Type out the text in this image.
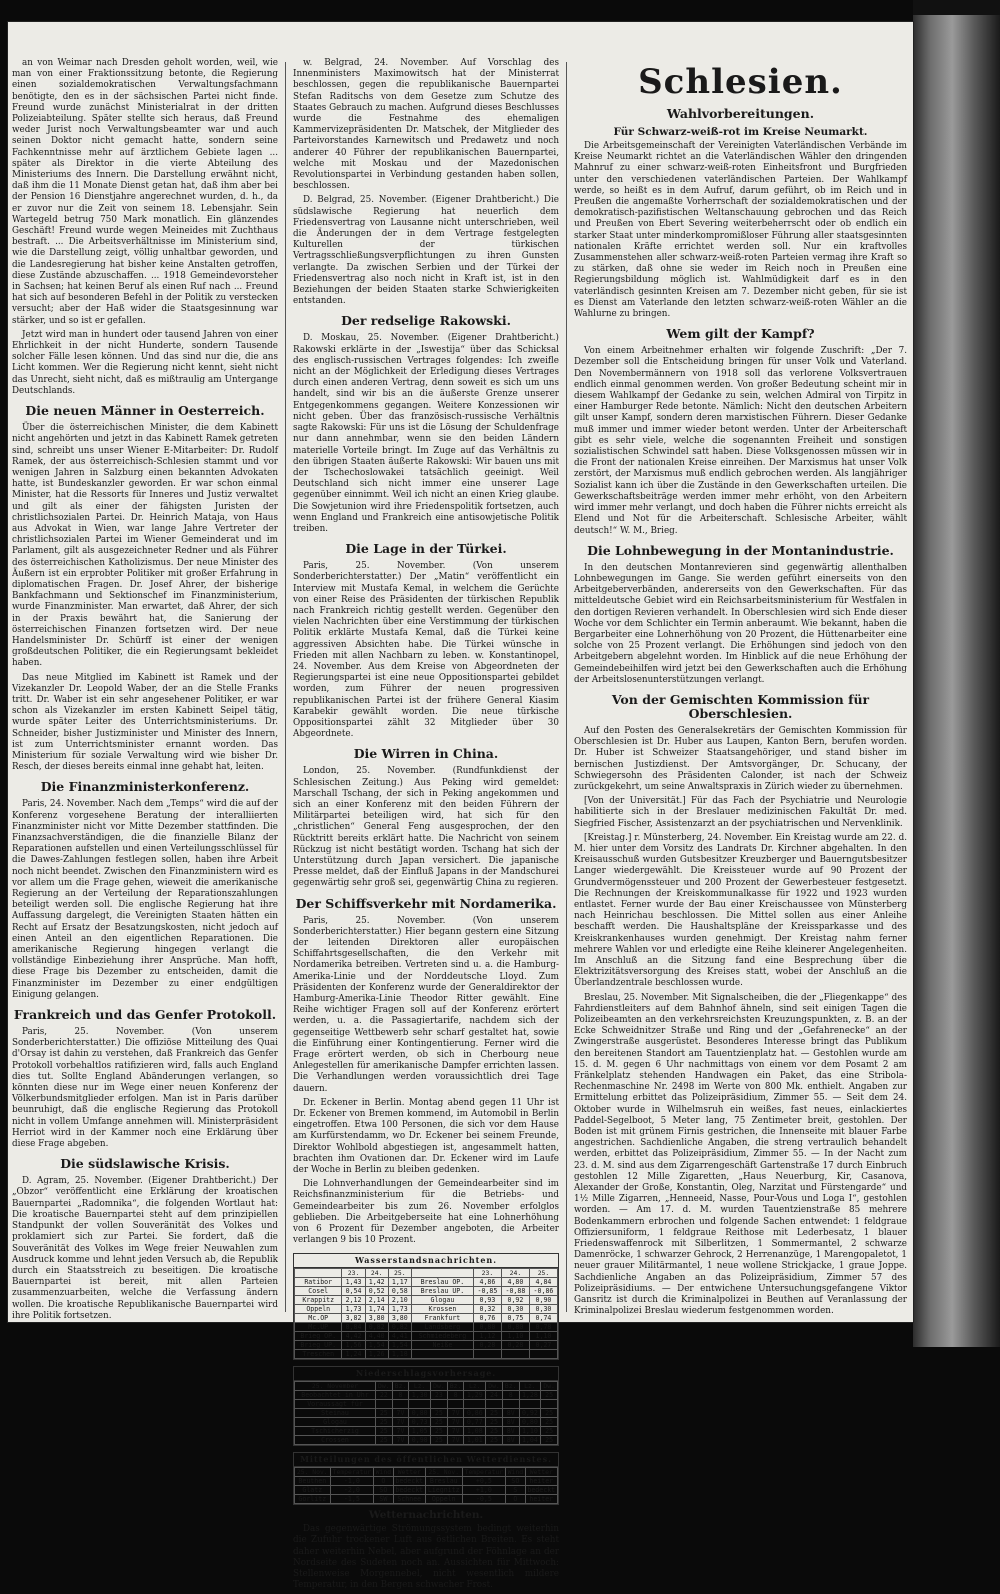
an von Weimar nach Dresden geholt worden, weil, wie man von einer Fraktionssitzung betonte, die Regierung einen sozialdemokratischen Verwaltungsfachmann benötigte, den es in der sächsischen Partei nicht finde. Freund wurde zunächst Ministerialrat in der dritten Polizeiabteilung. Später stellte sich heraus, daß Freund weder Jurist noch Verwaltungsbeamter war und auch seinen Doktor nicht gemacht hatte, sondern seine Fachkenntnisse mehr auf ärztlichem Gebiete lagen ... später als Direktor in die vierte Abteilung des Ministeriums des Innern. Die Darstellung erwähnt nicht, daß ihm die 11 Monate Dienst getan hat, daß ihm aber bei der Pension 16 Dienstjahre angerechnet wurden, d. h., da er zuvor nur die Zeit von seinem 18. Lebensjahr. Sein Wartegeld betrug 750 Mark monatlich. Ein glänzendes Geschäft! Freund wurde wegen Meineides mit Zuchthaus bestraft. ... Die Arbeitsverhältnisse im Ministerium sind, wie die Darstellung zeigt, völlig unhaltbar geworden, und die Landesregierung hat bisher keine Anstalten getroffen, diese Zustände abzuschaffen. ... 1918 Gemeindevorsteher in Sachsen; hat keinen Beruf als einen Ruf nach ... Freund hat sich auf besonderen Befehl in der Politik zu verstecken versucht; aber der Haß wider die Staatsgesinnung war stärker, und so ist er gefallen.

Jetzt wird man in hundert oder tausend Jahren von einer Ehrlichkeit in der nicht Hunderte, sondern Tausende solcher Fälle lesen können. Und das sind nur die, die ans Licht kommen. Wer die Regierung nicht kennt, sieht nicht das Unrecht, sieht nicht, daß es mißtraulig am Untergange Deutschlands.

Die neuen Männer in Oesterreich.

Über die österreichischen Minister, die dem Kabinett nicht angehörten und jetzt in das Kabinett Ramek getreten sind, schreibt uns unser Wiener E-Mitarbeiter: Dr. Rudolf Ramek, der aus österreichisch-Schlesien stammt und vor wenigen Jahren in Salzburg einen bekannten Advokaten hatte, ist Bundeskanzler geworden. Er war schon einmal Minister, hat die Ressorts für Inneres und Justiz verwaltet und gilt als einer der fähigsten Juristen der christlichsozialen Partei. Dr. Heinrich Mataja, von Haus aus Advokat in Wien, war lange Jahre Vertreter der christlichsozialen Partei im Wiener Gemeinderat und im Parlament, gilt als ausgezeichneter Redner und als Führer des österreichischen Katholizismus. Der neue Minister des Äußern ist ein erprobter Politiker mit großer Erfahrung in diplomatischen Fragen. Dr. Josef Ahrer, der bisherige Bankfachmann und Sektionschef im Finanzministerium, wurde Finanzminister. Man erwartet, daß Ahrer, der sich in der Praxis bewährt hat, die Sanierung der österreichischen Finanzen fortsetzen wird. Der neue Handelsminister Dr. Schürff ist einer der wenigen großdeutschen Politiker, die ein Regierungsamt bekleidet haben.

Das neue Mitglied im Kabinett ist Ramek und der Vizekanzler Dr. Leopold Waber, der an die Stelle Franks tritt. Dr. Waber ist ein sehr angesehener Politiker, er war schon als Vizekanzler im ersten Kabinett Seipel tätig, wurde später Leiter des Unterrichtsministeriums. Dr. Schneider, bisher Justizminister und Minister des Innern, ist zum Unterrichtsminister ernannt worden. Das Ministerium für soziale Verwaltung wird wie bisher Dr. Resch, der dieses bereits einmal inne gehabt hat, leiten.

Die Finanzministerkonferenz.

Paris, 24. November. Nach dem „Temps“ wird die auf der Konferenz vorgesehene Beratung der interalliierten Finanzminister nicht vor Mitte Dezember stattfinden. Die Finanzsachverständigen, die die finanzielle Bilanz der Reparationen aufstellen und einen Verteilungsschlüssel für die Dawes-Zahlungen festlegen sollen, haben ihre Arbeit noch nicht beendet. Zwischen den Finanzministern wird es vor allem um die Frage gehen, wieweit die amerikanische Regierung an der Verteilung der Reparationszahlungen beteiligt werden soll. Die englische Regierung hat ihre Auffassung dargelegt, die Vereinigten Staaten hätten ein Recht auf Ersatz der Besatzungskosten, nicht jedoch auf einen Anteil an den eigentlichen Reparationen. Die amerikanische Regierung hingegen verlangt die vollständige Einbeziehung ihrer Ansprüche. Man hofft, diese Frage bis Dezember zu entscheiden, damit die Finanzminister im Dezember zu einer endgültigen Einigung gelangen.

Frankreich und das Genfer Protokoll.

Paris, 25. November. (Von unserem Sonderberichterstatter.) Die offiziöse Mitteilung des Quai d'Orsay ist dahin zu verstehen, daß Frankreich das Genfer Protokoll vorbehaltlos ratifizieren wird, falls auch England dies tut. Sollte England Abänderungen verlangen, so könnten diese nur im Wege einer neuen Konferenz der Völkerbundsmitglieder erfolgen. Man ist in Paris darüber beunruhigt, daß die englische Regierung das Protokoll nicht in vollem Umfange annehmen will. Ministerpräsident Herriot wird in der Kammer noch eine Erklärung über diese Frage abgeben.

Die südslawische Krisis.

D. Agram, 25. November. (Eigener Drahtbericht.) Der „Obzor“ veröffentlicht eine Erklärung der kroatischen Bauernpartei „Radomnika“, die folgenden Wortlaut hat: Die kroatische Bauernpartei steht auf dem prinzipiellen Standpunkt der vollen Souveränität des Volkes und proklamiert sich zur Partei. Sie fordert, daß die Souveränität des Volkes im Wege freier Neuwahlen zum Ausdruck komme und lehnt jeden Versuch ab, die Republik durch ein Staatsstreich zu beseitigen. Die kroatische Bauernpartei ist bereit, mit allen Parteien zusammenzuarbeiten, welche die Verfassung ändern wollen. Die kroatische Republikanische Bauernpartei wird ihre Politik fortsetzen.

w. Belgrad, 24. November. Auf Vorschlag des Innenministers Maximowitsch hat der Ministerrat beschlossen, gegen die republikanische Bauernpartei Stefan Raditschs von dem Gesetze zum Schutze des Staates Gebrauch zu machen. Aufgrund dieses Beschlusses wurde die Festnahme des ehemaligen Kammervizepräsidenten Dr. Matschek, der Mitglieder des Parteivorstandes Karnewitsch und Predawetz und noch anderer 40 Führer der republikanischen Bauernpartei, welche mit Moskau und der Mazedonischen Revolutionspartei in Verbindung gestanden haben sollen, beschlossen.

D. Belgrad, 25. November. (Eigener Drahtbericht.) Die südslawische Regierung hat neuerlich dem Friedensvertrag von Lausanne nicht unterschrieben, weil die Änderungen der in dem Vertrage festgelegten Kulturellen der türkischen Vertragsschließungsverpflichtungen zu ihren Gunsten verlangte. Da zwischen Serbien und der Türkei der Friedensvertrag also noch nicht in Kraft ist, ist in den Beziehungen der beiden Staaten starke Schwierigkeiten entstanden.

Der redselige Rakowski.

D. Moskau, 25. November. (Eigener Drahtbericht.) Rakowski erklärte in der „Iswestija“ über das Schicksal des englisch-russischen Vertrages folgendes: Ich zweifle nicht an der Möglichkeit der Erledigung dieses Vertrages durch einen anderen Vertrag, denn soweit es sich um uns handelt, sind wir bis an die äußerste Grenze unserer Entgegenkommens gegangen. Weitere Konzessionen wir nicht geben. Über das französisch-russische Verhältnis sagte Rakowski: Für uns ist die Lösung der Schuldenfrage nur dann annehmbar, wenn sie den beiden Ländern materielle Vorteile bringt. Im Zuge auf das Verhältnis zu den übrigen Staaten äußerte Rakowski: Wir bauen uns mit der Tschechoslowakei tatsächlich geeinigt. Weil Deutschland sich nicht immer eine unserer Lage gegenüber einnimmt. Weil ich nicht an einen Krieg glaube. Die Sowjetunion wird ihre Friedenspolitik fortsetzen, auch wenn England und Frankreich eine antisowjetische Politik treiben.

Die Lage in der Türkei.

Paris, 25. November. (Von unserem Sonderberichterstatter.) Der „Matin“ veröffentlicht ein Interview mit Mustafa Kemal, in welchem die Gerüchte von einer Reise des Präsidenten der türkischen Republik nach Frankreich richtig gestellt werden. Gegenüber den vielen Nachrichten über eine Verstimmung der türkischen Politik erklärte Mustafa Kemal, daß die Türkei keine aggressiven Absichten habe. Die Türkei wünsche in Frieden mit allen Nachbarn zu leben. w. Konstantinopel, 24. November. Aus dem Kreise von Abgeordneten der Regierungspartei ist eine neue Oppositionspartei gebildet worden, zum Führer der neuen progressiven republikanischen Partei ist der frühere General Kiasim Karabekir gewählt worden. Die neue türkische Oppositionspartei zählt 32 Mitglieder über 30 Abgeordnete.

Die Wirren in China.

London, 25. November. (Rundfunkdienst der Schlesischen Zeitung.) Aus Peking wird gemeldet: Marschall Tschang, der sich in Peking angekommen und sich an einer Konferenz mit den beiden Führern der Militärpartei beteiligen wird, hat sich für den „christlichen“ General Feng ausgesprochen, der den Rücktritt bereits erklärt hatte. Die Nachricht von seinem Rückzug ist nicht bestätigt worden. Tschang hat sich der Unterstützung durch Japan versichert. Die japanische Presse meldet, daß der Einfluß Japans in der Mandschurei gegenwärtig sehr groß sei, gegenwärtig China zu regieren.

Der Schiffsverkehr mit Nordamerika.

Paris, 25. November. (Von unserem Sonderberichterstatter.) Hier begann gestern eine Sitzung der leitenden Direktoren aller europäischen Schiffahrtsgesellschaften, die den Verkehr mit Nordamerika betreiben. Vertreten sind u. a. die Hamburg-Amerika-Linie und der Norddeutsche Lloyd. Zum Präsidenten der Konferenz wurde der Generaldirektor der Hamburg-Amerika-Linie Theodor Ritter gewählt. Eine Reihe wichtiger Fragen soll auf der Konferenz erörtert werden, u. a. die Passagiertarife, nachdem sich der gegenseitige Wettbewerb sehr scharf gestaltet hat, sowie die Einführung einer Kontingentierung. Ferner wird die Frage erörtert werden, ob sich in Cherbourg neue Anlegestellen für amerikanische Dampfer errichten lassen. Die Verhandlungen werden voraussichtlich drei Tage dauern.

Dr. Eckener in Berlin. Montag abend gegen 11 Uhr ist Dr. Eckener von Bremen kommend, im Automobil in Berlin eingetroffen. Etwa 100 Personen, die sich vor dem Hause am Kurfürstendamm, wo Dr. Eckener bei seinem Freunde, Direktor Wohlbold abgestiegen ist, angesammelt hatten, brachten ihm Ovationen dar. Dr. Eckener wird im Laufe der Woche in Berlin zu bleiben gedenken.

Die Lohnverhandlungen der Gemeindearbeiter sind im Reichsfinanzministerium für die Betriebs- und Gemeindearbeiter bis zum 26. November erfolglos geblieben. Die Arbeitgeberseite hat eine Lohnerhöhung von 6 Prozent für Dezember angeboten, die Arbeiter verlangen 9 bis 10 Prozent.

Wasserstandsnachrichten.
	23.	24.	25.		23.	24.	25.
Ratibor	1,43	1,42	1,17	Breslau OP.	4,86	4,80	4,84
Cosel	0,54	0,52	0,58	Breslau UP.	-0,85	-0,88	-0,86
Krappitz	2,12	2,14	2,10	Glogau	0,93	0,92	0,90
Oppeln	1,73	1,74	1,73	Krossen	0,32	0,30	0,30
Mc.OP	3,82	3,80	3,80	Frankfurt	0,76	0,75	0,74
Mc.UP	0,84	0,82	0,82	Landsberg	0,80	0,80	0,78
Brieg OP.	4,42	4,40	4,41	Schmiedeberg	1,12	1,10	1,10
Brieg UP.	1,56	1,54	1,54	Neiße	0,28	0,28	0,27
Treschen	1,24	1,26	1,18				
Niederschlagsvorhersage.
25. November	Dw.	Bz.	Lz.	Dw.	Bz.	Lz.	Dw.	Bz.	Lz.	Dw.
Beobachtet in Uhr	22	8	1,30	23	8	1,29	24	8	1,28	25
Voraussagt für										
Steinau	25	7V	0,80	25	7V	0,86	25	8V	0,92	25
Glogau	25	7V	0,73	25	7V	0,77	25	8V	0,80	25
Tschicherzig	25	7V	1,05	25	7V	1,08	25	8V	1,10	25
Crossen	25	7V	0,98	25	7V	1,01	25	8V	1,04	25
Mitteilungen des öffentlichen Wetterdienstes.
25. Nov.	Temperatur	Wind	Wetter	25. Nov.	Temperatur	Wind	Wetter
Beuthen	-1,0	O	bedeckt	Breslau	+0,5	SO	heiter
Glatz	-2,0	SO	bedeckt	Liegnitz	+1,0	S	bedeckt
Görlitz	-1,5	SW	Schnee	Oppeln	-0,5	O	heiter
Wetternachrichten.

Das gegenwärtige Strömungssystem bedingt weiterhin die Zufuhr trockener Luft aus östlichen Breiten. Es steht daher weiterhin Nebel, aber aufgrund der Föhnlage an der Nordseite des Sudeten noch an. Aussichten für Mittwoch: Stellenweise Morgennebel, nicht wesentlich mildere Temperatur, in den Bergen schwacher Frost.

Schlesien.
Wahlvorbereitungen.
Für Schwarz-weiß-rot im Kreise Neumarkt.

Die Arbeitsgemeinschaft der Vereinigten Vaterländischen Verbände im Kreise Neumarkt richtet an die Vaterländischen Wähler den dringenden Mahnruf zu einer schwarz-weiß-roten Einheitsfront und Burgfrieden unter den verschiedenen vaterländischen Parteien. Der Wahlkampf werde, so heißt es in dem Aufruf, darum geführt, ob im Reich und in Preußen die angemaßte Vorherrschaft der sozialdemokratischen und der demokratisch-pazifistischen Weltanschauung gebrochen und das Reich und Preußen von Ebert Severing weiterbeherrscht oder ob endlich ein starker Staat unter minderkompromißloser Führung aller staatsgesinnten nationalen Kräfte errichtet werden soll. Nur ein kraftvolles Zusammenstehen aller schwarz-weiß-roten Parteien vermag ihre Kraft so zu stärken, daß ohne sie weder im Reich noch in Preußen eine Regierungsbildung möglich ist. Wahlmüdigkeit darf es in den vaterländisch gesinnten Kreisen am 7. Dezember nicht geben, für sie ist es Dienst am Vaterlande den letzten schwarz-weiß-roten Wähler an die Wahlurne zu bringen.

Wem gilt der Kampf?

Von einem Arbeitnehmer erhalten wir folgende Zuschrift: „Der 7. Dezember soll die Entscheidung bringen für unser Volk und Vaterland. Den Novembermännern von 1918 soll das verlorene Volksvertrauen endlich einmal genommen werden. Von großer Bedeutung scheint mir in diesem Wahlkampf der Gedanke zu sein, welchen Admiral von Tirpitz in einer Hamburger Rede betonte. Nämlich: Nicht den deutschen Arbeitern gilt unser Kampf, sondern deren marxistischen Führern. Dieser Gedanke muß immer und immer wieder betont werden. Unter der Arbeiterschaft gibt es sehr viele, welche die sogenannten Freiheit und sonstigen sozialistischen Schwindel satt haben. Diese Volksgenossen müssen wir in die Front der nationalen Kreise einreihen. Der Marxismus hat unser Volk zerstört, der Marxismus muß endlich gebrochen werden. Als langjähriger Sozialist kann ich über die Zustände in den Gewerkschaften urteilen. Die Gewerkschaftsbeiträge werden immer mehr erhöht, von den Arbeitern wird immer mehr verlangt, und doch haben die Führer nichts erreicht als Elend und Not für die Arbeiterschaft. Schlesische Arbeiter, wählt deutsch!“ W. M., Brieg.

Die Lohnbewegung in der Montanindustrie.

In den deutschen Montanrevieren sind gegenwärtig allenthalben Lohnbewegungen im Gange. Sie werden geführt einerseits von den Arbeitgeberverbänden, andererseits von den Gewerkschaften. Für das mitteldeutsche Gebiet wird ein Reichsarbeitsministerium für Westfalen in den dortigen Revieren verhandelt. In Oberschlesien wird sich Ende dieser Woche vor dem Schlichter ein Termin anberaumt. Wie bekannt, haben die Bergarbeiter eine Lohnerhöhung von 20 Prozent, die Hüttenarbeiter eine solche von 25 Prozent verlangt. Die Erhöhungen sind jedoch von den Arbeitgebern abgelehnt worden. Im Hinblick auf die neue Erhöhung der Gemeindebeihilfen wird jetzt bei den Gewerkschaften auch die Erhöhung der Arbeitslosenunterstützungen verlangt.

Von der Gemischten Kommission für Oberschlesien.

Auf den Posten des Generalsekretärs der Gemischten Kommission für Oberschlesien ist Dr. Huber aus Laupen, Kanton Bern, berufen worden. Dr. Huber ist Schweizer Staatsangehöriger, und stand bisher im bernischen Justizdienst. Der Amtsvorgänger, Dr. Schucany, der Schwiegersohn des Präsidenten Calonder, ist nach der Schweiz zurückgekehrt, um seine Anwaltspraxis in Zürich wieder zu übernehmen.

[Von der Universität.] Für das Fach der Psychiatrie und Neurologie habilitierte sich in der Breslauer medizinischen Fakultät Dr. med. Siegfried Fischer, Assistenzarzt an der psychiatrischen und Nervenklinik.

[Kreistag.] r. Münsterberg, 24. November. Ein Kreistag wurde am 22. d. M. hier unter dem Vorsitz des Landrats Dr. Kirchner abgehalten. In den Kreisausschuß wurden Gutsbesitzer Kreuzberger und Bauerngutsbesitzer Langer wiedergewählt. Die Kreissteuer wurde auf 90 Prozent der Grundvermögenssteuer und 200 Prozent der Gewerbesteuer festgesetzt. Die Rechnungen der Kreiskommunalkasse für 1922 und 1923 wurden entlastet. Ferner wurde der Bau einer Kreischaussee von Münsterberg nach Heinrichau beschlossen. Die Mittel sollen aus einer Anleihe beschafft werden. Die Haushaltspläne der Kreissparkasse und des Kreiskrankenhauses wurden genehmigt. Der Kreistag nahm ferner mehrere Wahlen vor und erledigte eine Reihe kleinerer Angelegenheiten. Im Anschluß an die Sitzung fand eine Besprechung über die Elektrizitätsversorgung des Kreises statt, wobei der Anschluß an die Überlandzentrale beschlossen wurde.

Breslau, 25. November. Mit Signalscheiben, die der „Fliegenkappe“ des Fahrdienstleiters auf dem Bahnhof ähneln, sind seit einigen Tagen die Polizeibeamten an den verkehrsreichsten Kreuzungspunkten, z. B. an der Ecke Schweidnitzer Straße und Ring und der „Gefahrenecke“ an der Zwingerstraße ausgerüstet. Besonderes Interesse bringt das Publikum den bereitenen Standort am Tauentzienplatz hat. — Gestohlen wurde am 15. d. M. gegen 6 Uhr nachmittags von einem vor dem Posamt 2 am Fränkelplatz stehenden Handwagen ein Paket, das eine Stribola-Rechenmaschine Nr. 2498 im Werte von 800 Mk. enthielt. Angaben zur Ermittelung erbittet das Polizeipräsidium, Zimmer 55. — Seit dem 24. Oktober wurde in Wilhelmsruh ein weißes, fast neues, einlackiertes Paddel-Segelboot, 5 Meter lang, 75 Zentimeter breit, gestohlen. Der Boden ist mit grünem Firnis gestrichen, die Innenseite mit blauer Farbe angestrichen. Sachdienliche Angaben, die streng vertraulich behandelt werden, erbittet das Polizeipräsidium, Zimmer 55. — In der Nacht zum 23. d. M. sind aus dem Zigarrengeschäft Gartenstraße 17 durch Einbruch gestohlen 12 Mille Zigaretten, „Haus Neuerburg, Kir, Casanova, Alexander der Große, Konstantin, Oleg, Narzitat und Fürstengarde“ und 1½ Mille Zigarren, „Henneeid, Nasse, Pour-Vous und Loga I“, gestohlen worden. — Am 17. d. M. wurden Tauentzienstraße 85 mehrere Bodenkammern erbrochen und folgende Sachen entwendet: 1 feldgraue Offiziersuniform, 1 feldgraue Reithose mit Lederbesatz, 1 blauer Friedenswaffenrock mit Silberlitzen, 1 Sommermantel, 2 schwarze Damenröcke, 1 schwarzer Gehrock, 2 Herrenanzüge, 1 Marengopaletot, 1 neuer grauer Militärmantel, 1 neue wollene Strickjacke, 1 graue Joppe. Sachdienliche Angaben an das Polizeipräsidium, Zimmer 57 des Polizeipräsidiums. — Der entwichene Untersuchungsgefangene Viktor Gansritz ist durch die Kriminalpolizei in Beuthen auf Veranlassung der Kriminalpolizei Breslau wiederum festgenommen worden.
